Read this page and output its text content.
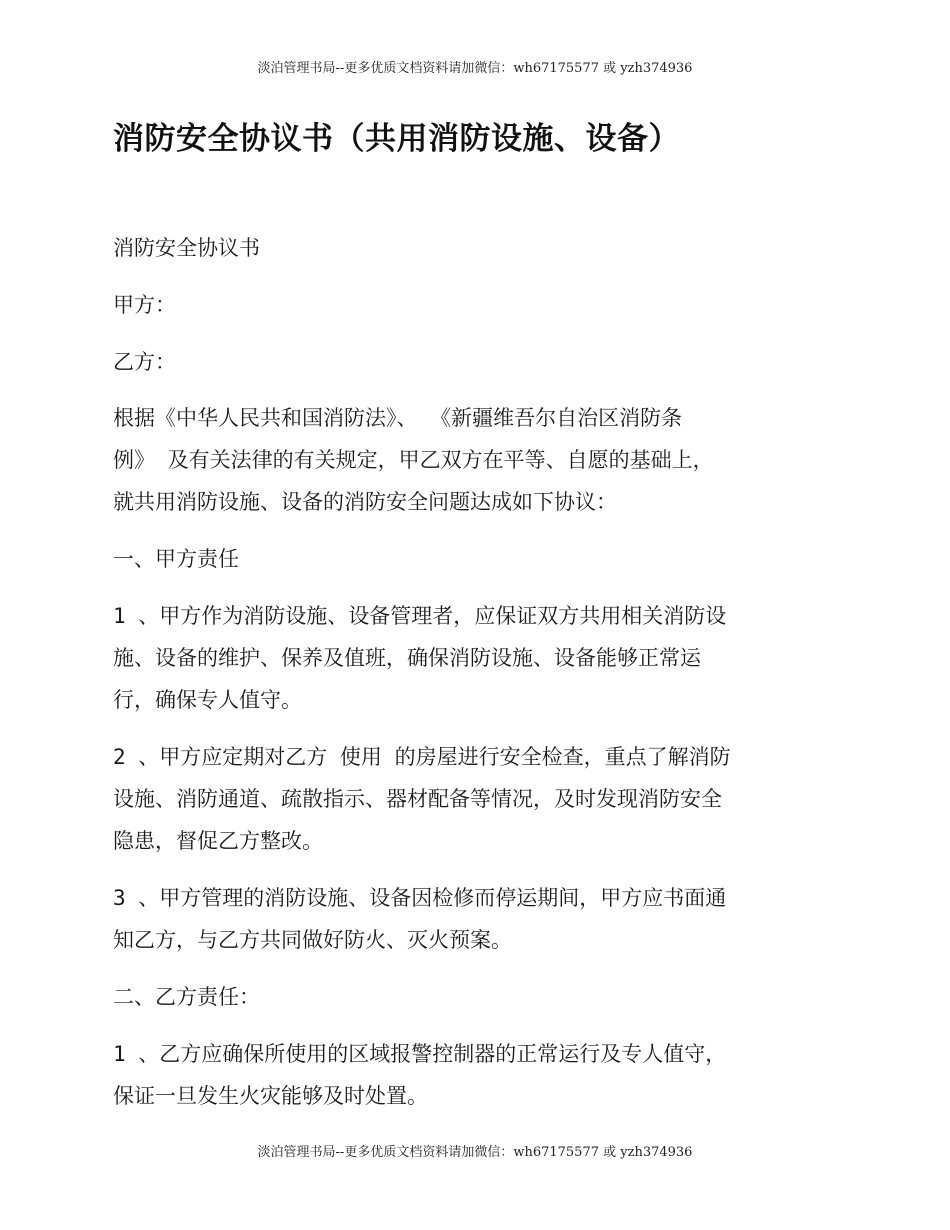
淡泊管理书局--更多优质文档资料请加微信：wh67175577 或 yzh374936
消防安全协议书（共用消防设施、设备）

消防安全协议书

甲方：

乙方：

根据《中华人民共和国消防法》、 《新疆维吾尔自治区消防条

例》 及有关法律的有关规定，甲乙双方在平等、自愿的基础上，

就共用消防设施、设备的消防安全问题达成如下协议：

一、甲方责任

1 、甲方作为消防设施、设备管理者，应保证双方共用相关消防设

施、设备的维护、保养及值班，确保消防设施、设备能够正常运

行，确保专人值守。

2 、甲方应定期对乙方 使用 的房屋进行安全检查，重点了解消防

设施、消防通道、疏散指示、器材配备等情况，及时发现消防安全

隐患，督促乙方整改。

3 、甲方管理的消防设施、设备因检修而停运期间，甲方应书面通

知乙方，与乙方共同做好防火、灭火预案。

二、乙方责任：

1 、乙方应确保所使用的区域报警控制器的正常运行及专人值守，

保证一旦发生火灾能够及时处置。

淡泊管理书局--更多优质文档资料请加微信：wh67175577 或 yzh374936
